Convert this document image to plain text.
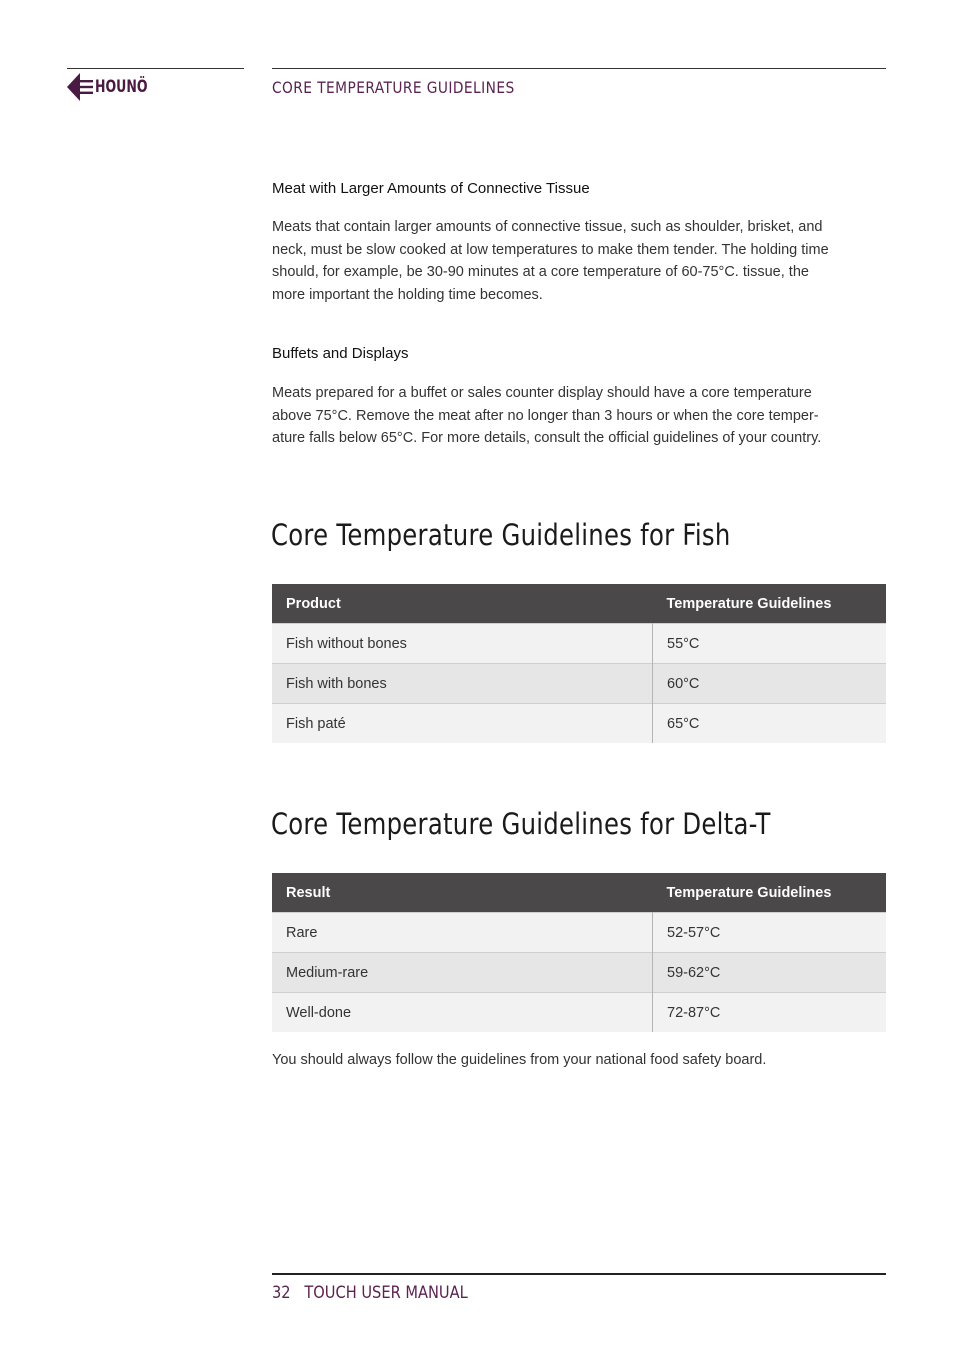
HOUNÖ	CORE TEMPERATURE GUIDELINES
Meat with Larger Amounts of Connective Tissue

Meats that contain larger amounts of connective tissue, such as shoulder, brisket, and
neck, must be slow cooked at low temperatures to make them tender. The holding time
should, for example, be 30-90 minutes at a core temperature of 60-75°C. tissue, the
more important the holding time becomes.

Buffets and Displays

Meats prepared for a buffet or sales counter display should have a core temperature
above 75°C. Remove the meat after no longer than 3 hours or when the core temper-
ature falls below 65°C. For more details, consult the official guidelines of your country.

Core Temperature Guidelines for Fish
Product	Temperature Guidelines
Fish without bones	55°C
Fish with bones	60°C
Fish paté	65°C
Core Temperature Guidelines for Delta-T
Result	Temperature Guidelines
Rare	52-57°C
Medium-rare	59-62°C
Well-done	72-87°C
You should always follow the guidelines from your national food safety board.
32 TOUCH USER MANUAL
